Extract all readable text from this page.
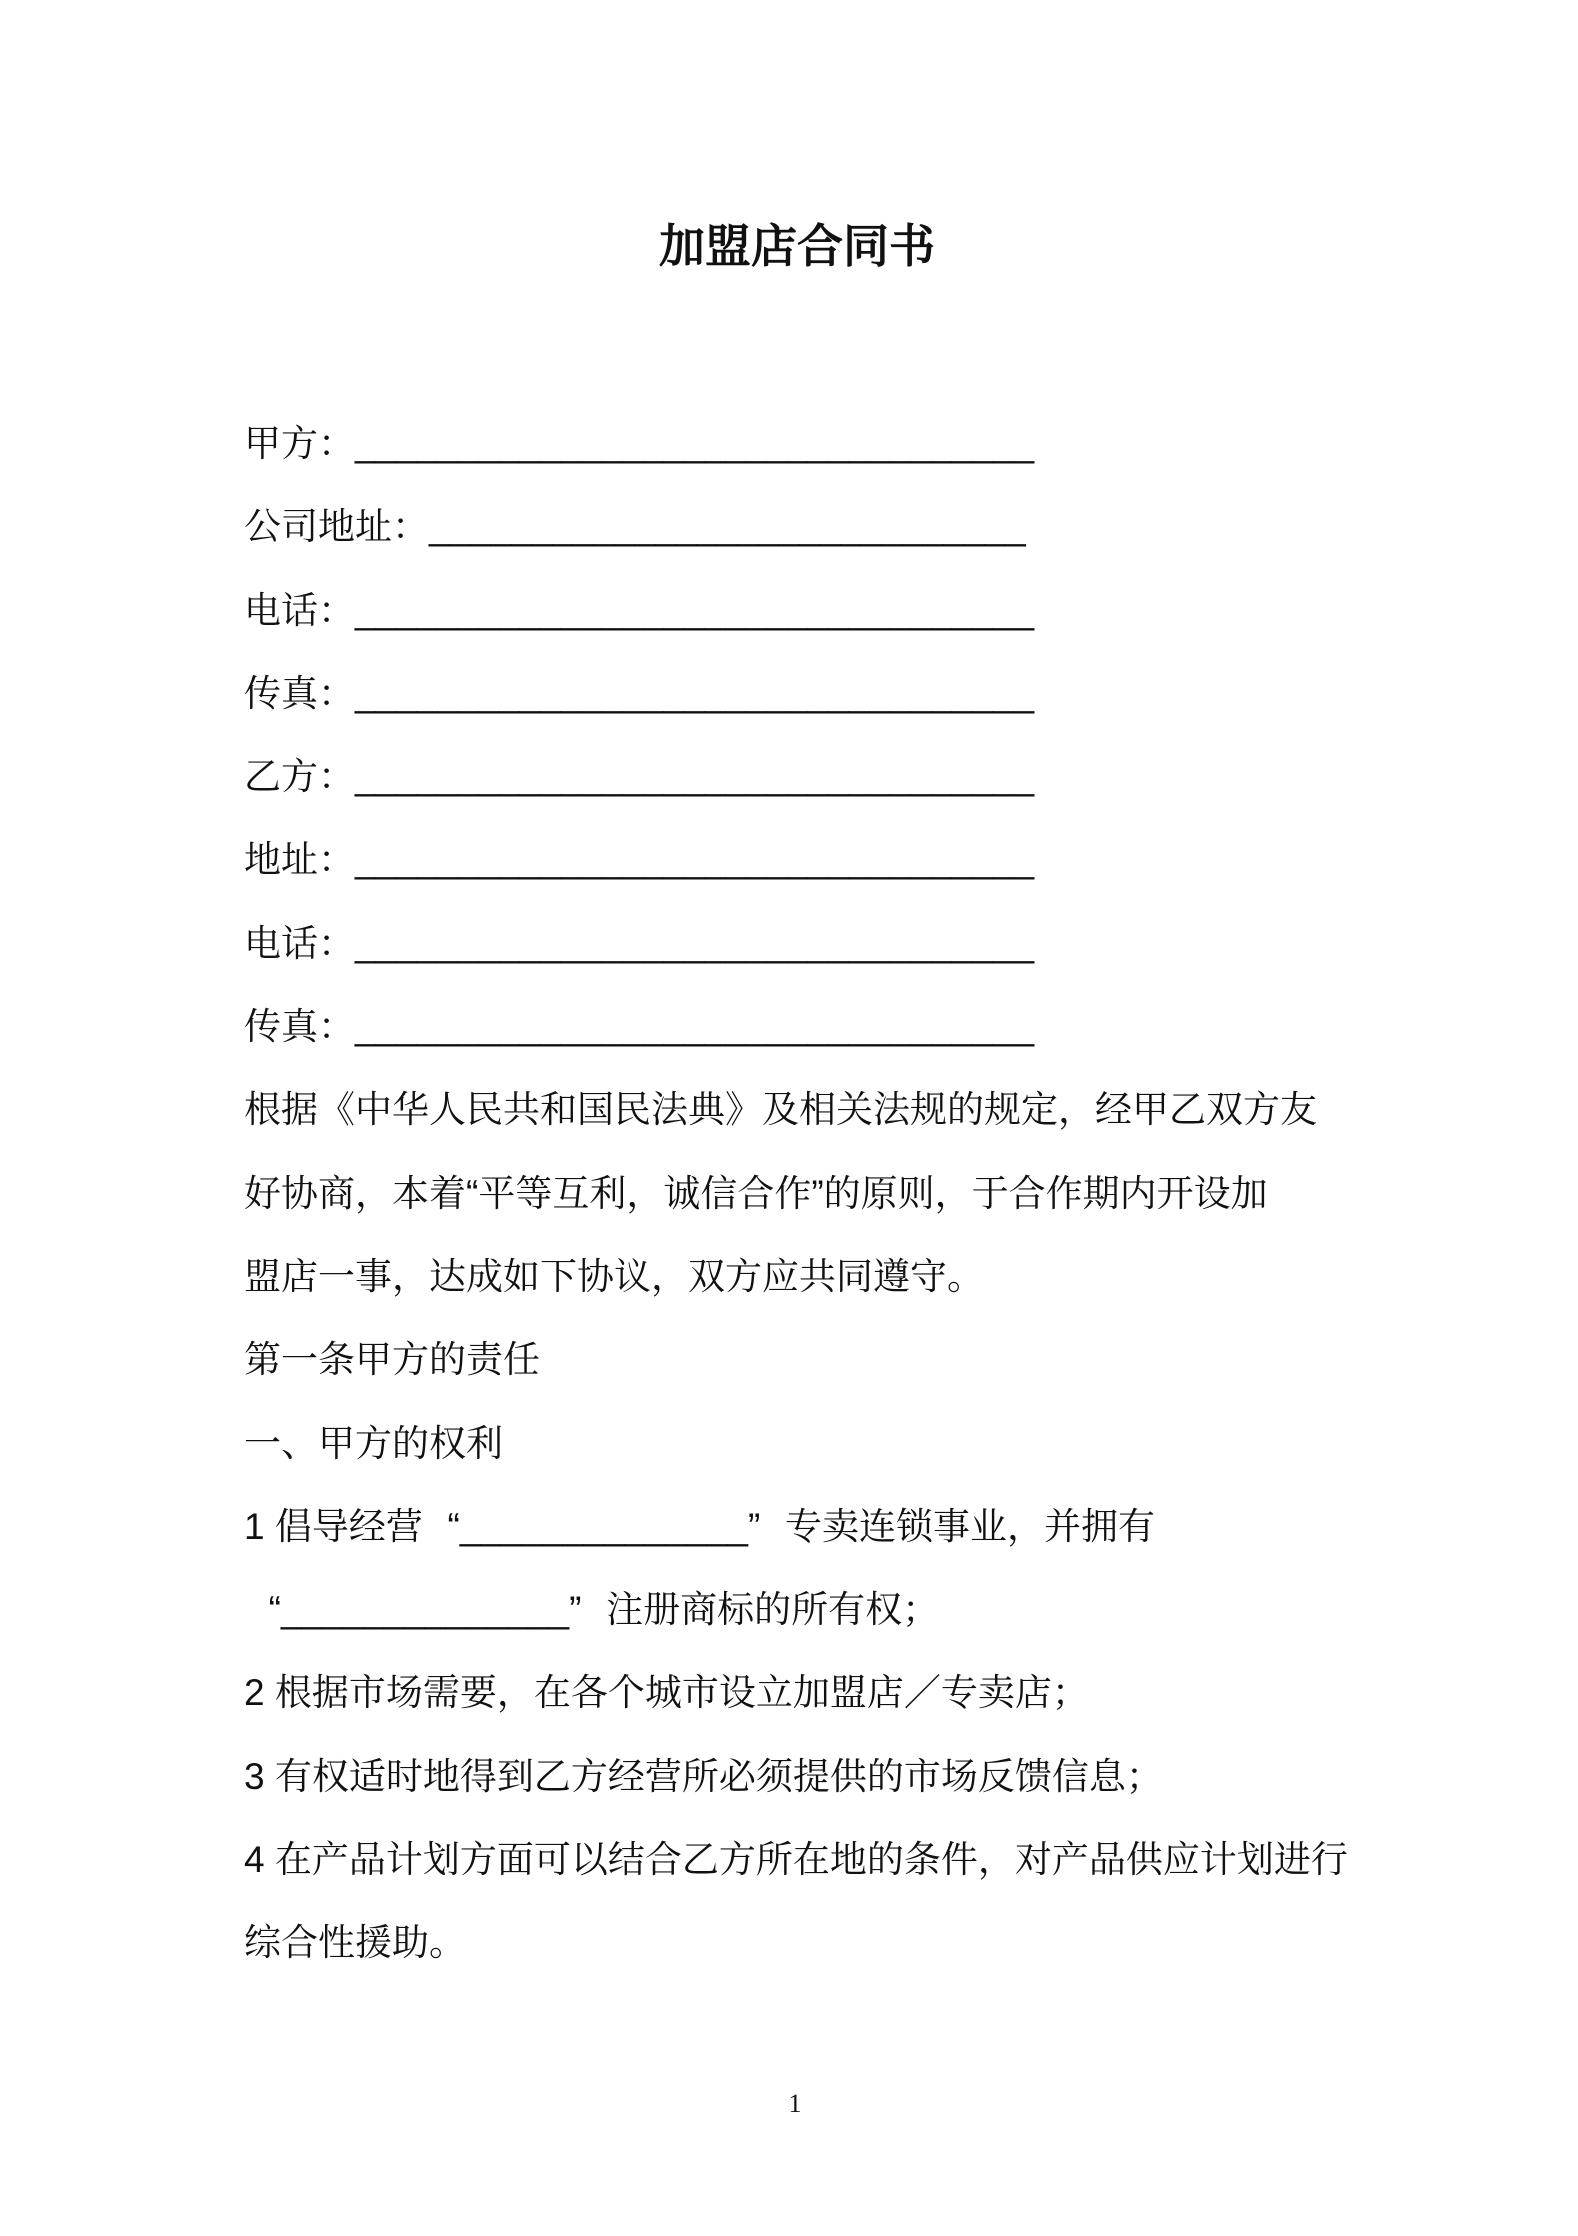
加盟店合同书
甲方：_________________________________
公司地址：_____________________________
电话：_________________________________
传真：_________________________________
乙方：_________________________________
地址：_________________________________
电话：_________________________________
传真：_________________________________
根据《中华人民共和国民法典》及相关法规的规定，经甲乙双方友
好协商，本着“平等互利，诚信合作”的原则，于合作期内开设加
盟店一事，达成如下协议，双方应共同遵守。
第一条甲方的责任
一、甲方的权利
1 倡导经营 “______________” 专卖连锁事业，并拥有
“______________” 注册商标的所有权；
2 根据市场需要，在各个城市设立加盟店／专卖店；
3 有权适时地得到乙方经营所必须提供的市场反馈信息；
4 在产品计划方面可以结合乙方所在地的条件，对产品供应计划进行
综合性援助。
1
